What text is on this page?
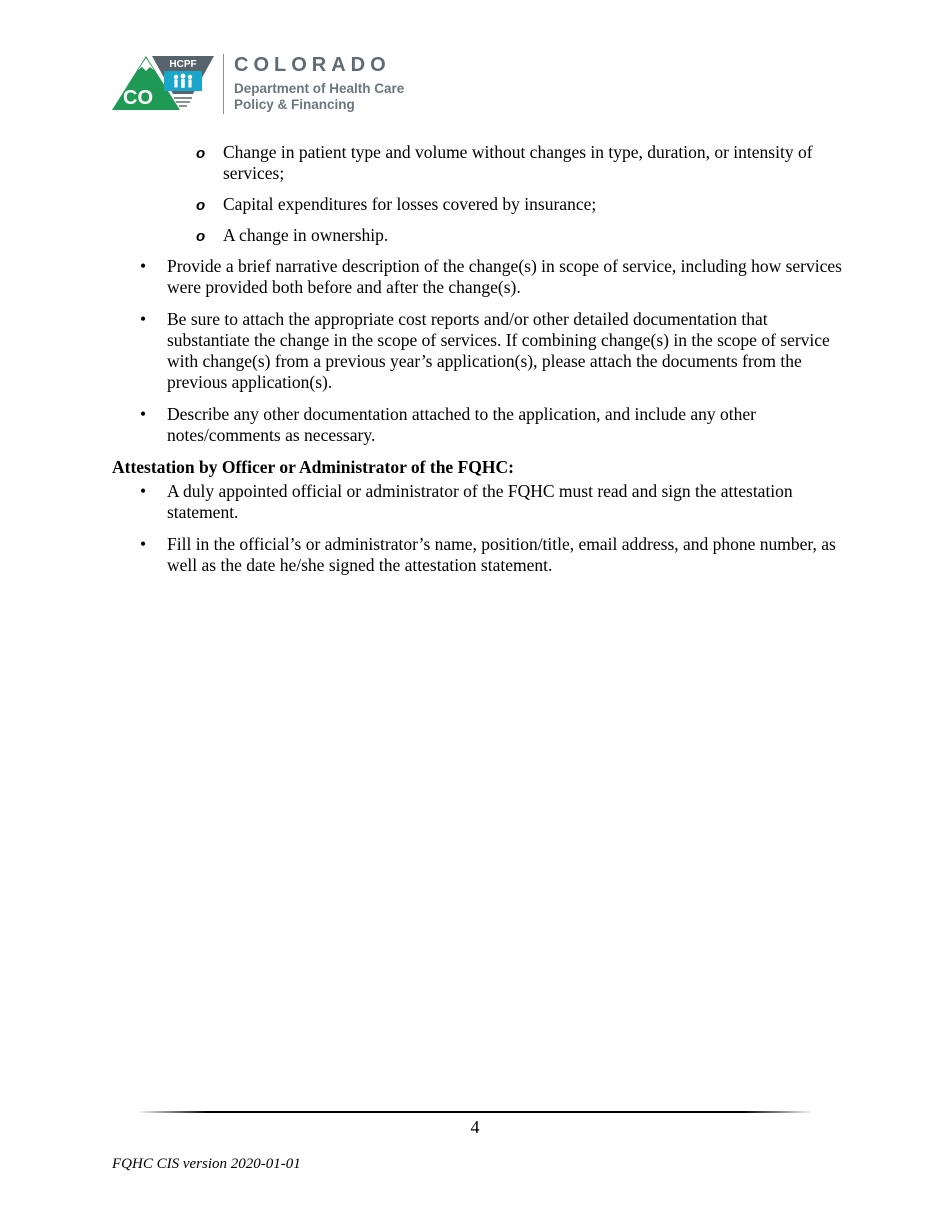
HCPF
CO
COLORADO
Department of Health Care
Policy & Financing
o Change in patient type and volume without changes in type, duration, or intensity of services;
o Capital expenditures for losses covered by insurance;
o A change in ownership.
• Provide a brief narrative description of the change(s) in scope of service, including how services were provided both before and after the change(s).
• Be sure to attach the appropriate cost reports and/or other detailed documentation that substantiate the change in the scope of services. If combining change(s) in the scope of service with change(s) from a previous year’s application(s), please attach the documents from the previous application(s).
• Describe any other documentation attached to the application, and include any other notes/comments as necessary.
Attestation by Officer or Administrator of the FQHC:
• A duly appointed official or administrator of the FQHC must read and sign the attestation statement.
• Fill in the official’s or administrator’s name, position/title, email address, and phone number, as well as the date he/she signed the attestation statement.
4
FQHC CIS version 2020-01-01
